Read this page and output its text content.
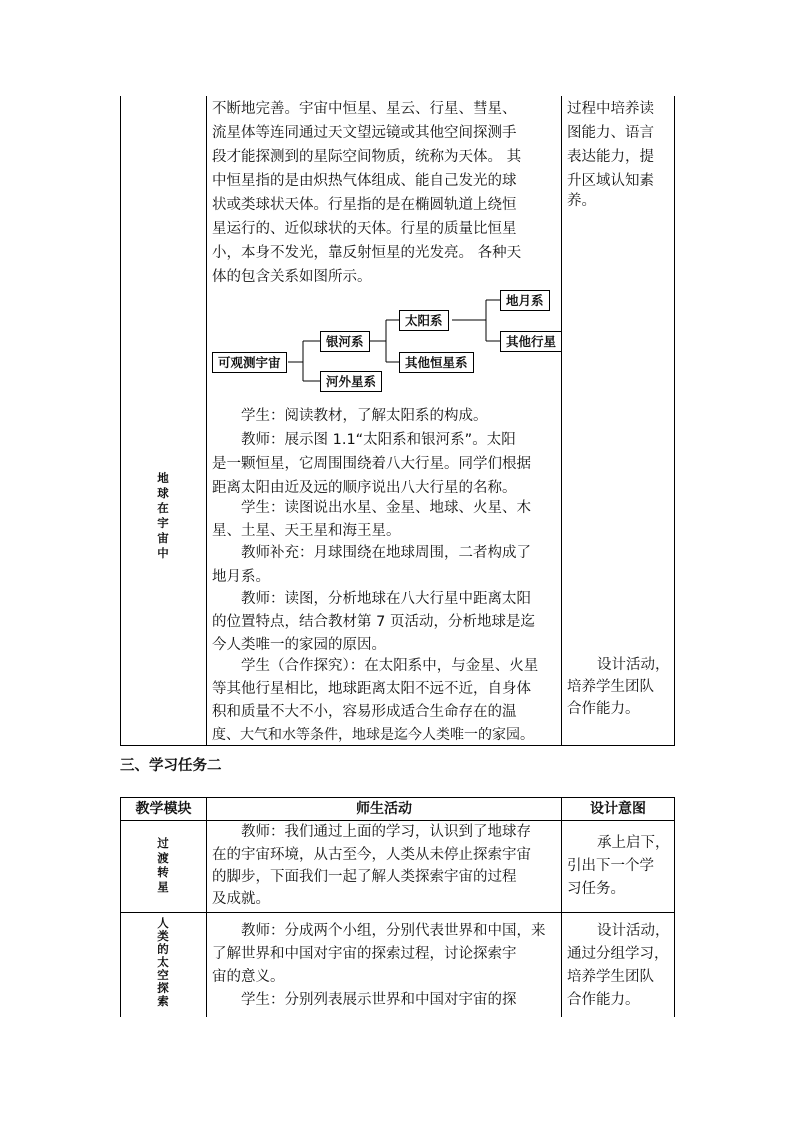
地球在宇宙中
不断地完善。宇宙中恒星、星云、行星、彗星、
流星体等连同通过天文望远镜或其他空间探测手
段才能探测到的星际空间物质，统称为天体。 其
中恒星指的是由炽热气体组成、能自己发光的球
状或类球状天体。行星指的是在椭圆轨道上绕恒
星运行的、近似球状的天体。行星的质量比恒星
小，本身不发光，靠反射恒星的光发亮。 各种天
体的包含关系如图所示。
可观测宇宙
银河系
河外星系
太阳系
其他恒星系
地月系
其他行星
学生：阅读教材，了解太阳系的构成。
教师：展示图 1.1“太阳系和银河系”。太阳
是一颗恒星，它周围围绕着八大行星。同学们根据
距离太阳由近及远的顺序说出八大行星的名称。
学生：读图说出水星、金星、地球、火星、木
星、土星、天王星和海王星。
教师补充：月球围绕在地球周围，二者构成了
地月系。
教师：读图，分析地球在八大行星中距离太阳
的位置特点，结合教材第 7 页活动，分析地球是迄
今人类唯一的家园的原因。
学生（合作探究）：在太阳系中，与金星、火星
等其他行星相比，地球距离太阳不远不近，自身体
积和质量不大不小，容易形成适合生命存在的温
度、大气和水等条件，地球是迄今人类唯一的家园。
过程中培养读
图能力、语言
表达能力，提
升区域认知素
养。
设计活动，
培养学生团队
合作能力。
三、学习任务二
教学模块	师生活动	设计意图
过渡转星
教师：我们通过上面的学习，认识到了地球存
在的宇宙环境，从古至今，人类从未停止探索宇宙
的脚步，下面我们一起了解人类探索宇宙的过程
及成就。
承上启下，
引出下一个学
习任务。
人类的太空探索
教师：分成两个小组，分别代表世界和中国，来
了解世界和中国对宇宙的探索过程，讨论探索宇
宙的意义。
学生：分别列表展示世界和中国对宇宙的探
设计活动，
通过分组学习，
培养学生团队
合作能力。
